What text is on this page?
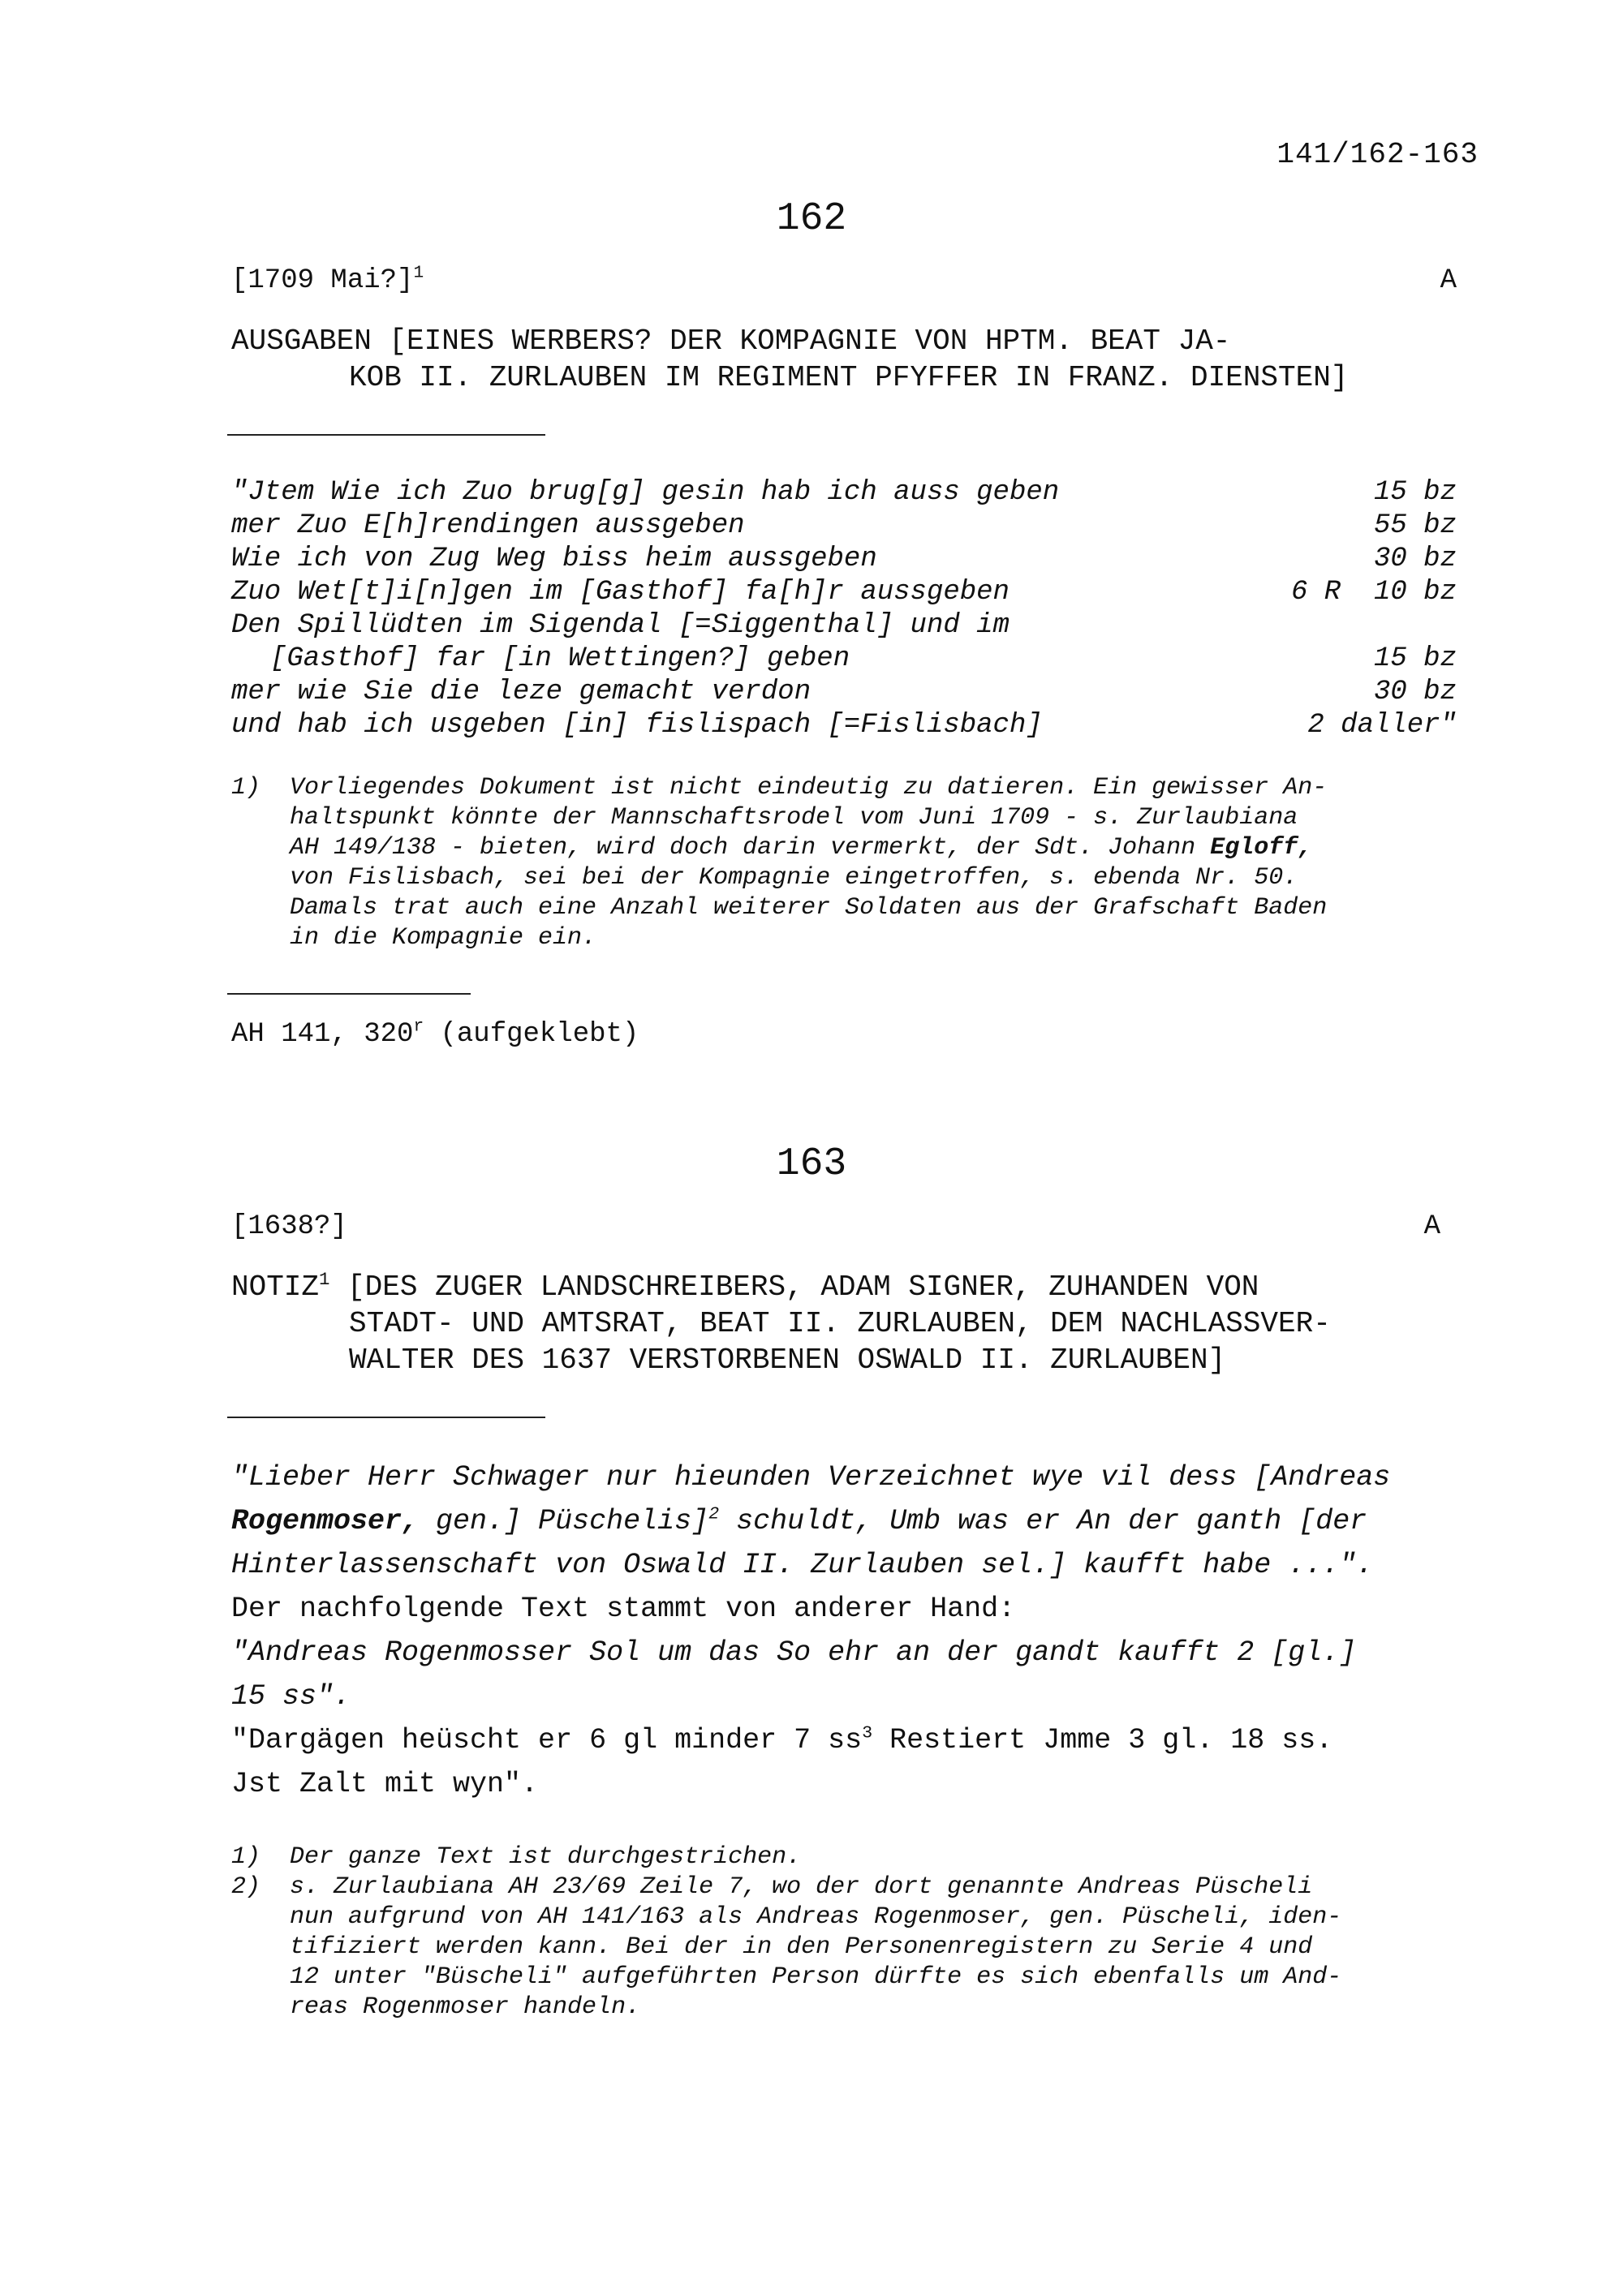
141/162-163
162
[1709 Mai?]$^1$	A
AUSGABEN [EINES WERBERS? DER KOMPAGNIE VON HPTM. BEAT JA-
KOB II. ZURLAUBEN IM REGIMENT PFYFFER IN FRANZ. DIENSTEN]
"Jtem Wie ich Zuo brug[g] gesin hab ich auss geben	15 bz
mer Zuo E[h]rendingen aussgeben	55 bz
Wie ich von Zug Weg biss heim aussgeben	30 bz
Zuo Wet[t]i[n]gen im [Gasthof] fa[h]r aussgeben	6 R  10 bz
Den Spillüdten im Sigendal [=Siggenthal] und im
[Gasthof] far [in Wettingen?] geben	15 bz
mer wie Sie die leze gemacht verdon	30 bz
und hab ich usgeben [in] fislispach [=Fislisbach]	2 daller"
1)	Vorliegendes Dokument ist nicht eindeutig zu datieren. Ein gewisser An-
haltspunkt könnte der Mannschaftsrodel vom Juni 1709 - s. Zurlaubiana
AH 149/138 - bieten, wird doch darin vermerkt, der Sdt. Johann Egloff,
von Fislisbach, sei bei der Kompagnie eingetroffen, s. ebenda Nr. 50.
Damals trat auch eine Anzahl weiterer Soldaten aus der Grafschaft Baden
in die Kompagnie ein.
AH 141, 320$^r$ (aufgeklebt)
163
[1638?]	A
NOTIZ$^1$ [DES ZUGER LANDSCHREIBERS, ADAM SIGNER, ZUHANDEN VON
STADT- UND AMTSRAT, BEAT II. ZURLAUBEN, DEM NACHLASSVER-
WALTER DES 1637 VERSTORBENEN OSWALD II. ZURLAUBEN]
"Lieber Herr Schwager nur hieunden Verzeichnet wye vil dess [Andreas
Rogenmoser, gen.] Püschelis]$^2$ schuldt, Umb was er An der ganth [der
Hinterlassenschaft von Oswald II. Zurlauben sel.] kaufft habe ...".
Der nachfolgende Text stammt von anderer Hand:
"Andreas Rogenmosser Sol um das So ehr an der gandt kaufft 2 [gl.]
15 ss".
"Dargägen heüscht er 6 gl minder 7 $ss^3$ Restiert Jmme 3 gl. 18 ss.
Jst Zalt mit wyn".
1)	Der ganze Text ist durchgestrichen.
2)	s. Zurlaubiana AH 23/69 Zeile 7, wo der dort genannte Andreas Püscheli
nun aufgrund von AH 141/163 als Andreas Rogenmoser, gen. Püscheli, iden-
tifiziert werden kann. Bei der in den Personenregistern zu Serie 4 und
12 unter "Büscheli" aufgeführten Person dürfte es sich ebenfalls um And-
reas Rogenmoser handeln.
